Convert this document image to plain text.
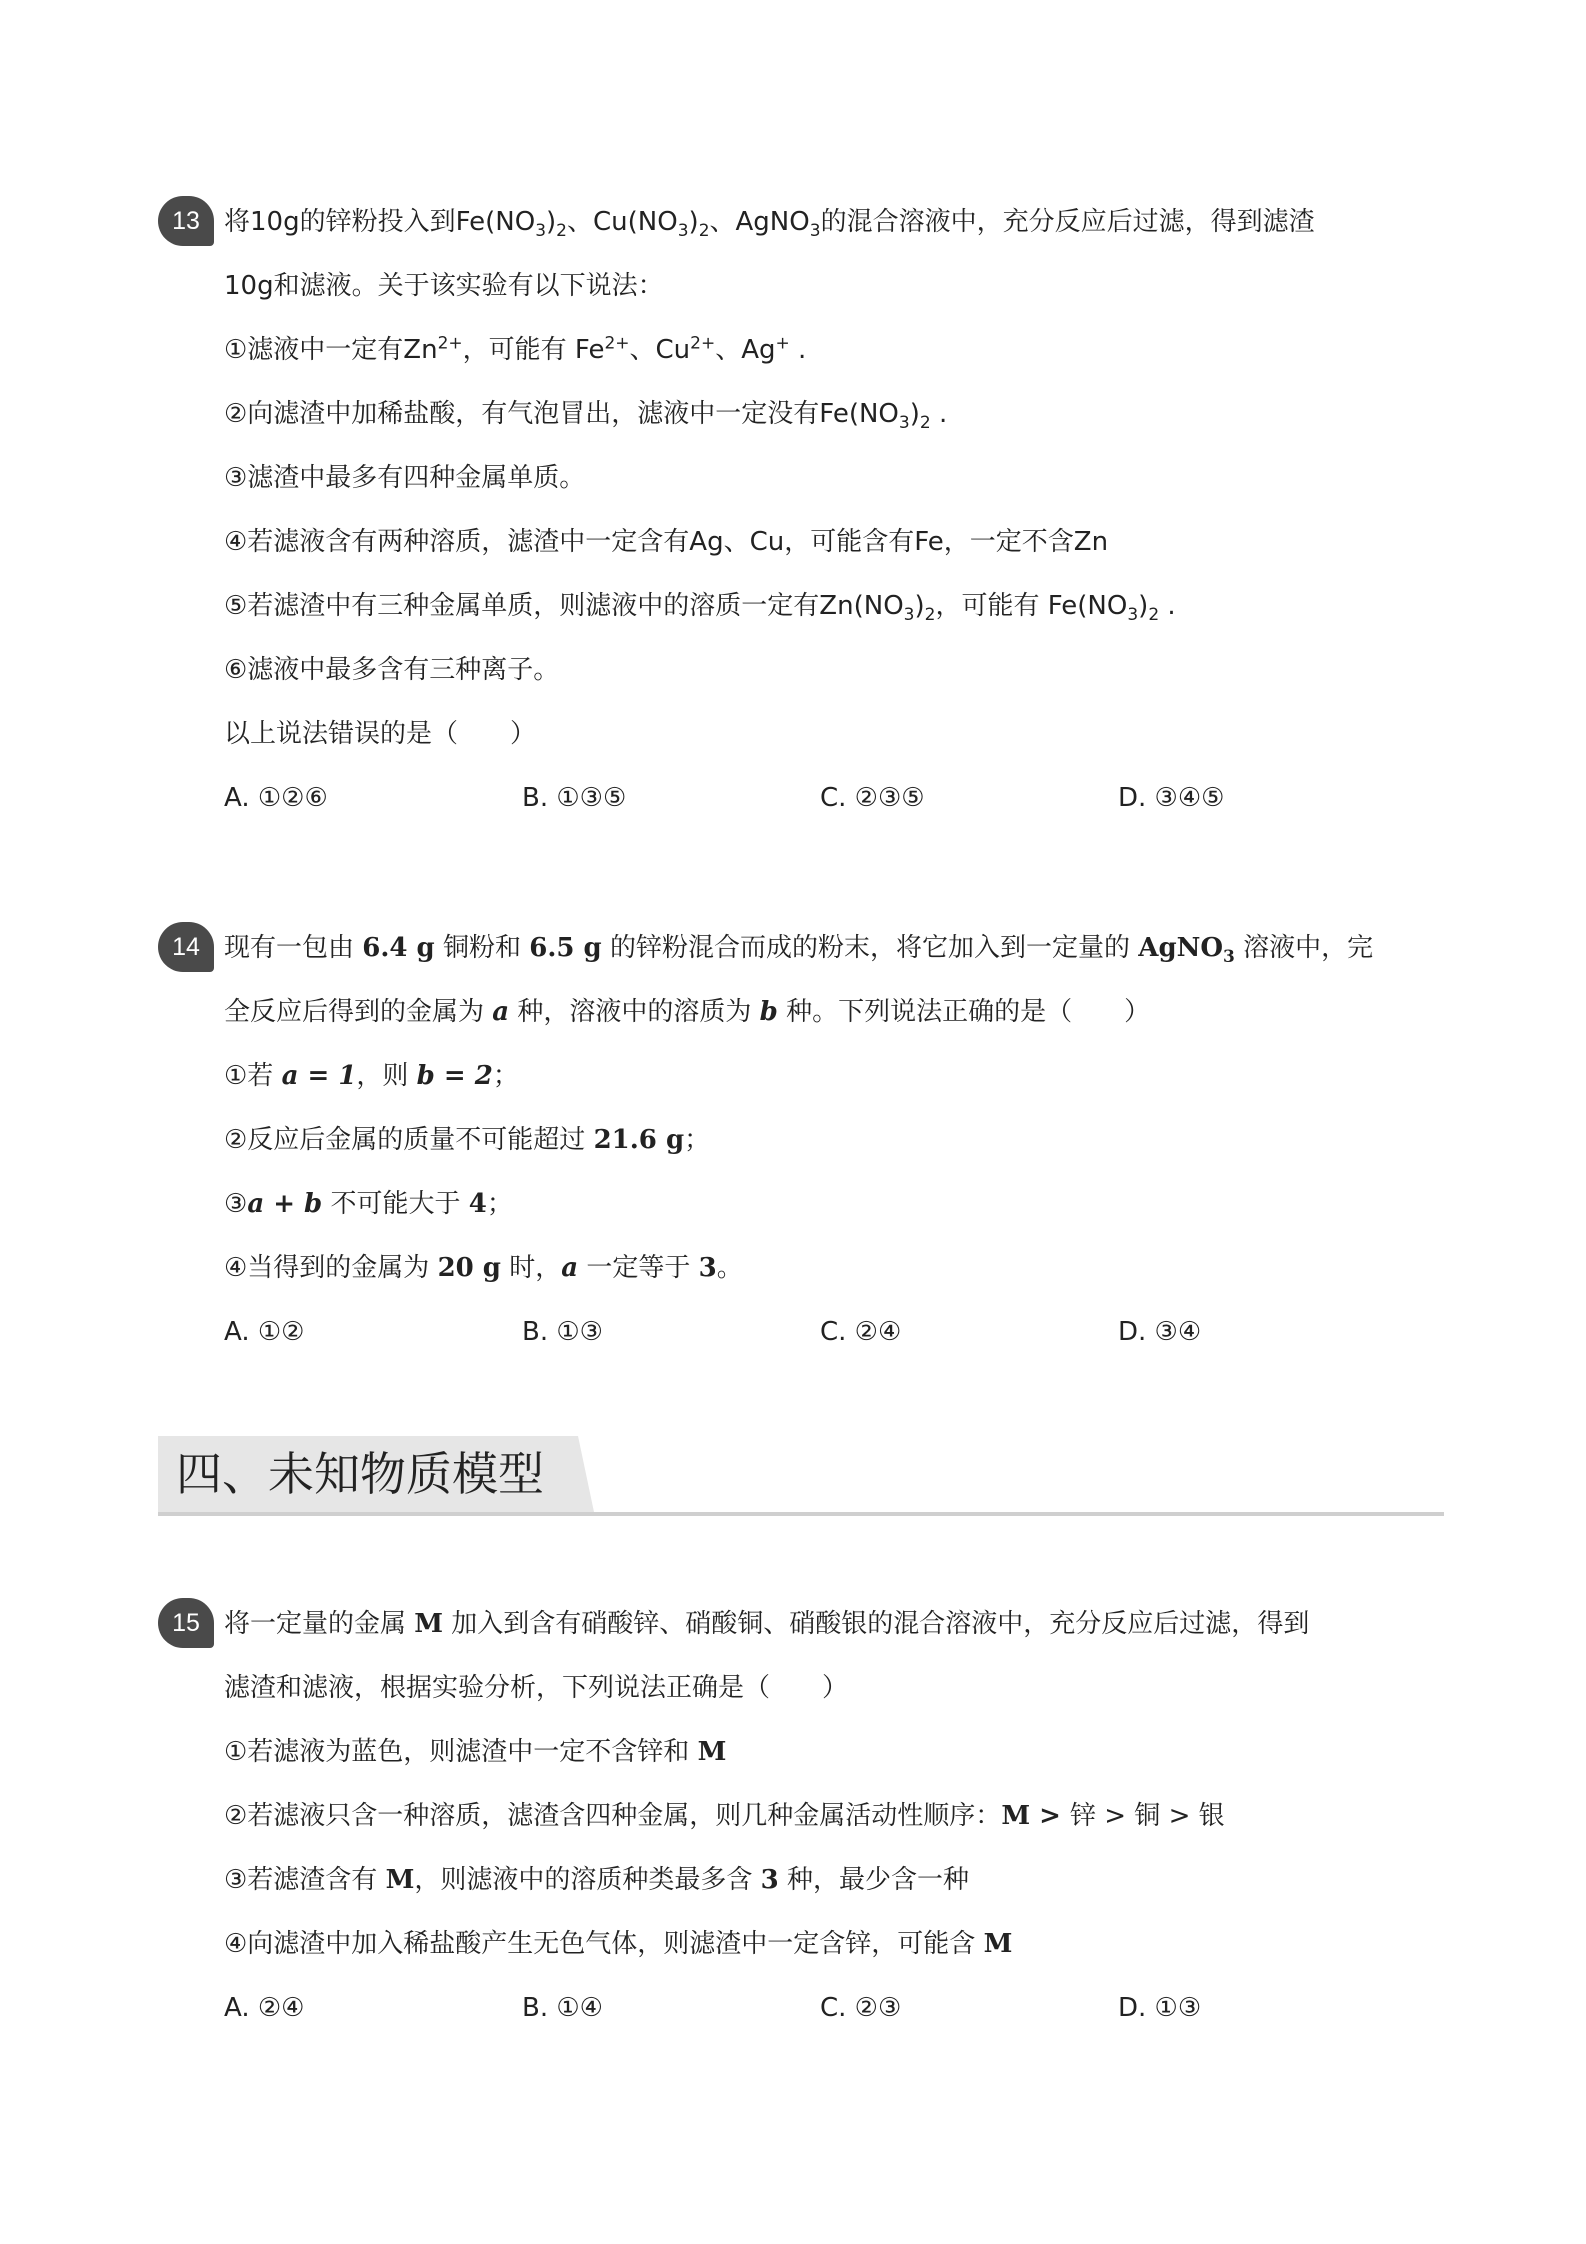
13 将10g的锌粉投入到$Fe(NO_3)_2$、$Cu(NO_3)_2$、AgNO$_3$的混合溶液中，充分反应后过滤，得到滤渣
10g和滤液。关于该实验有以下说法：
①滤液中一定有$Zn^{2+}$，可能有 $Fe^{2+}$、$Cu^{2+}$、Ag+ .
②向滤渣中加稀盐酸，有气泡冒出，滤液中一定没有$Fe(NO_3)_2$ .
③滤渣中最多有四种金属单质。
④若滤液含有两种溶质，滤渣中一定含有Ag、Cu，可能含有Fe，一定不含Zn
⑤若滤渣中有三种金属单质，则滤液中的溶质一定有$Zn(NO_3)_2$，可能有 $Fe(NO_3)_2$ .
⑥滤液中最多含有三种离子。
以上说法错误的是（　　）
A. ①②⑥	B. ①③⑤	C. ②③⑤	D. ③④⑤
14 现有一包由 6.4 g 铜粉和 6.5 g 的锌粉混合而成的粉末，将它加入到一定量的 AgNO$_3$ 溶液中，完
全反应后得到的金属为 a 种，溶液中的溶质为 b 种。下列说法正确的是（　　）
①若 a = 1，则 b = 2；
②反应后金属的质量不可能超过 21.6 g；
③a + b 不可能大于 4；
④当得到的金属为 20 g 时，a 一定等于 3。
A. ①②	B. ①③	C. ②④	D. ③④
四、未知物质模型
15 将一定量的金属 M 加入到含有硝酸锌、硝酸铜、硝酸银的混合溶液中，充分反应后过滤，得到
滤渣和滤液，根据实验分析，下列说法正确是（　　）
①若滤液为蓝色，则滤渣中一定不含锌和 M
②若滤液只含一种溶质，滤渣含四种金属，则几种金属活动性顺序：M > 锌 > 铜 > 银
③若滤渣含有 M，则滤液中的溶质种类最多含 3 种，最少含一种
④向滤渣中加入稀盐酸产生无色气体，则滤渣中一定含锌，可能含 M
A. ②④	B. ①④	C. ②③	D. ①③
